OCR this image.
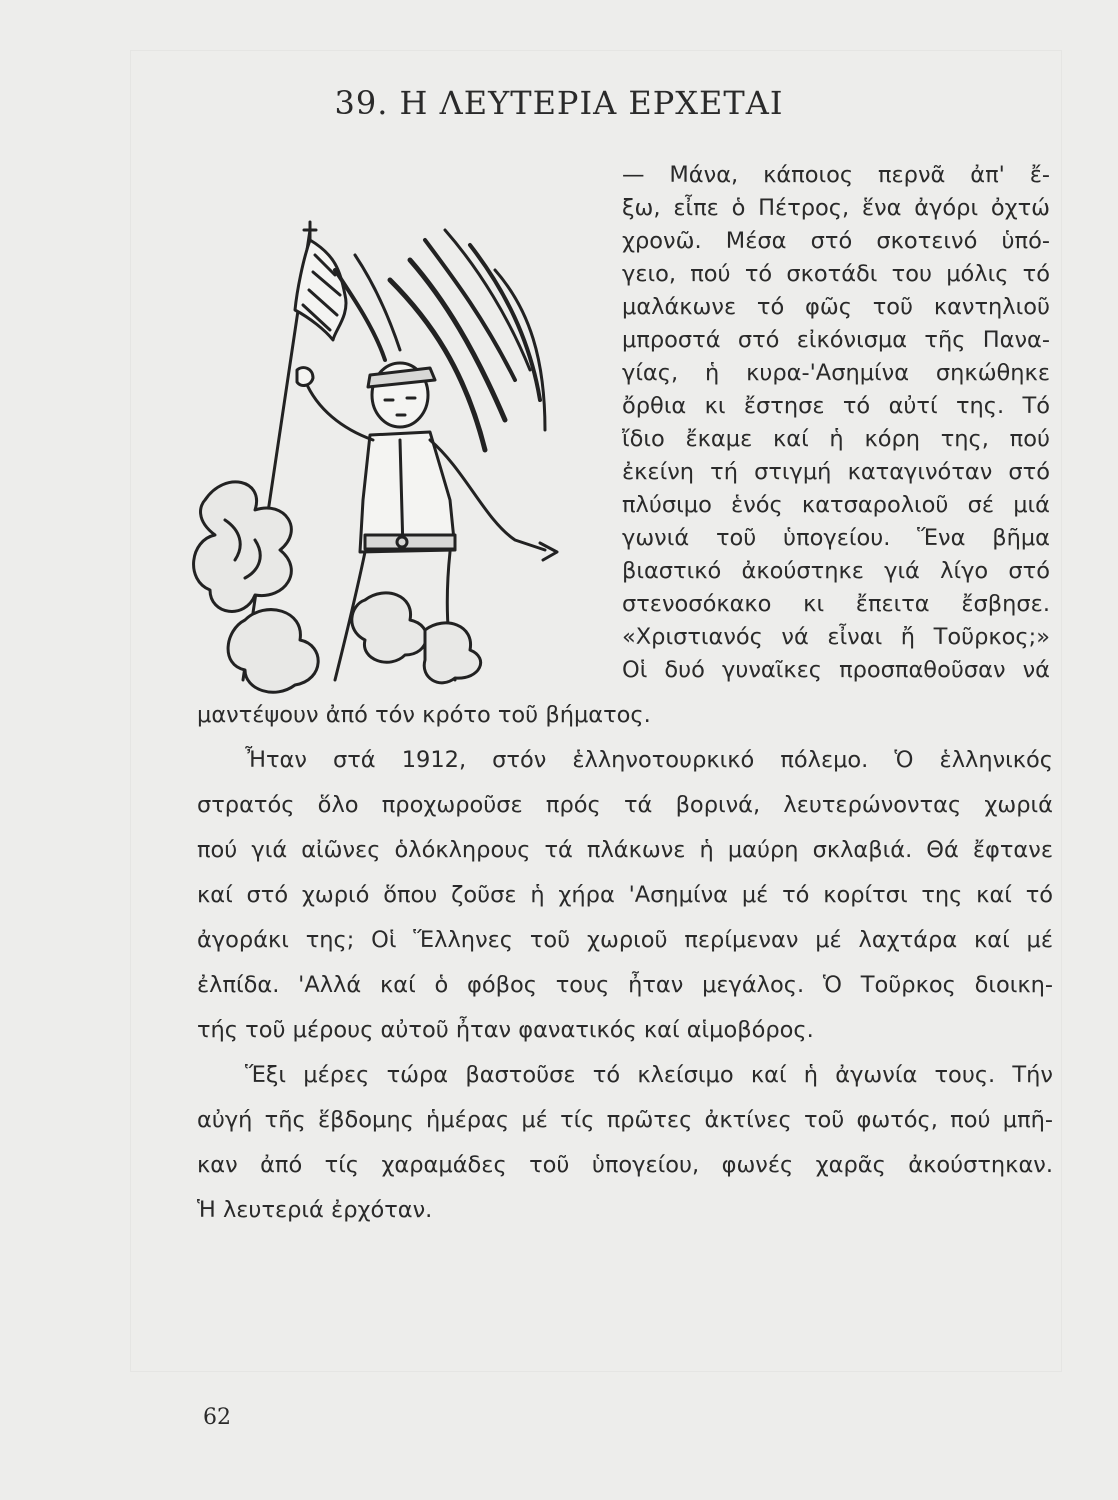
39. Η ΛΕΥΤΕΡΙΑ ΕΡΧΕΤΑΙ

— Μάνα, κάποιος περνᾶ ἀπ' ἔ-

ξω, εἶπε ὁ Πέτρος, ἕνα ἀγόρι ὀχτώ

χρονῶ. Μέσα στό σκοτεινό ὑπό-

γειο, πού τό σκοτάδι του μόλις τό

μαλάκωνε τό φῶς τοῦ καντηλιοῦ

μπροστά στό εἰκόνισμα τῆς Πανα-

γίας, ἡ κυρα-'Ασημίνα σηκώθηκε

ὄρθια κι ἔστησε τό αὐτί της. Τό

ἴδιο ἔκαμε καί ἡ κόρη της, πού

ἐκείνη τή στιγμή καταγινόταν στό

πλύσιμο ἑνός κατσαρολιοῦ σέ μιά

γωνιά τοῦ ὑπογείου. Ἕνα βῆμα

βιαστικό ἀκούστηκε γιά λίγο στό

στενοσόκακο κι ἔπειτα ἔσβησε.

«Χριστιανός νά εἶναι ἤ Τοῦρκος;»

Οἱ δυό γυναῖκες προσπαθοῦσαν νά

μαντέψουν ἀπό τόν κρότο τοῦ βήματος.

Ἦταν στά 1912, στόν ἑλληνοτουρκικό πόλεμο. Ὁ ἑλληνικός

στρατός ὅλο προχωροῦσε πρός τά βορινά, λευτερώνοντας χωριά

πού γιά αἰῶνες ὁλόκληρους τά πλάκωνε ἡ μαύρη σκλαβιά. Θά ἔφτανε

καί στό χωριό ὅπου ζοῦσε ἡ χήρα 'Ασημίνα μέ τό κορίτσι της καί τό

ἀγοράκι της; Οἱ Ἕλληνες τοῦ χωριοῦ περίμεναν μέ λαχτάρα καί μέ

ἐλπίδα. 'Αλλά καί ὁ φόβος τους ἦταν μεγάλος. Ὁ Τοῦρκος διοικη-

τής τοῦ μέρους αὐτοῦ ἦταν φανατικός καί αἱμοβόρος.

Ἕξι μέρες τώρα βαστοῦσε τό κλείσιμο καί ἡ ἀγωνία τους. Τήν

αὐγή τῆς ἕβδομης ἡμέρας μέ τίς πρῶτες ἀκτίνες τοῦ φωτός, πού μπῆ-

καν ἀπό τίς χαραμάδες τοῦ ὑπογείου, φωνές χαρᾶς ἀκούστηκαν.

Ἡ λευτεριά ἐρχόταν.

62
